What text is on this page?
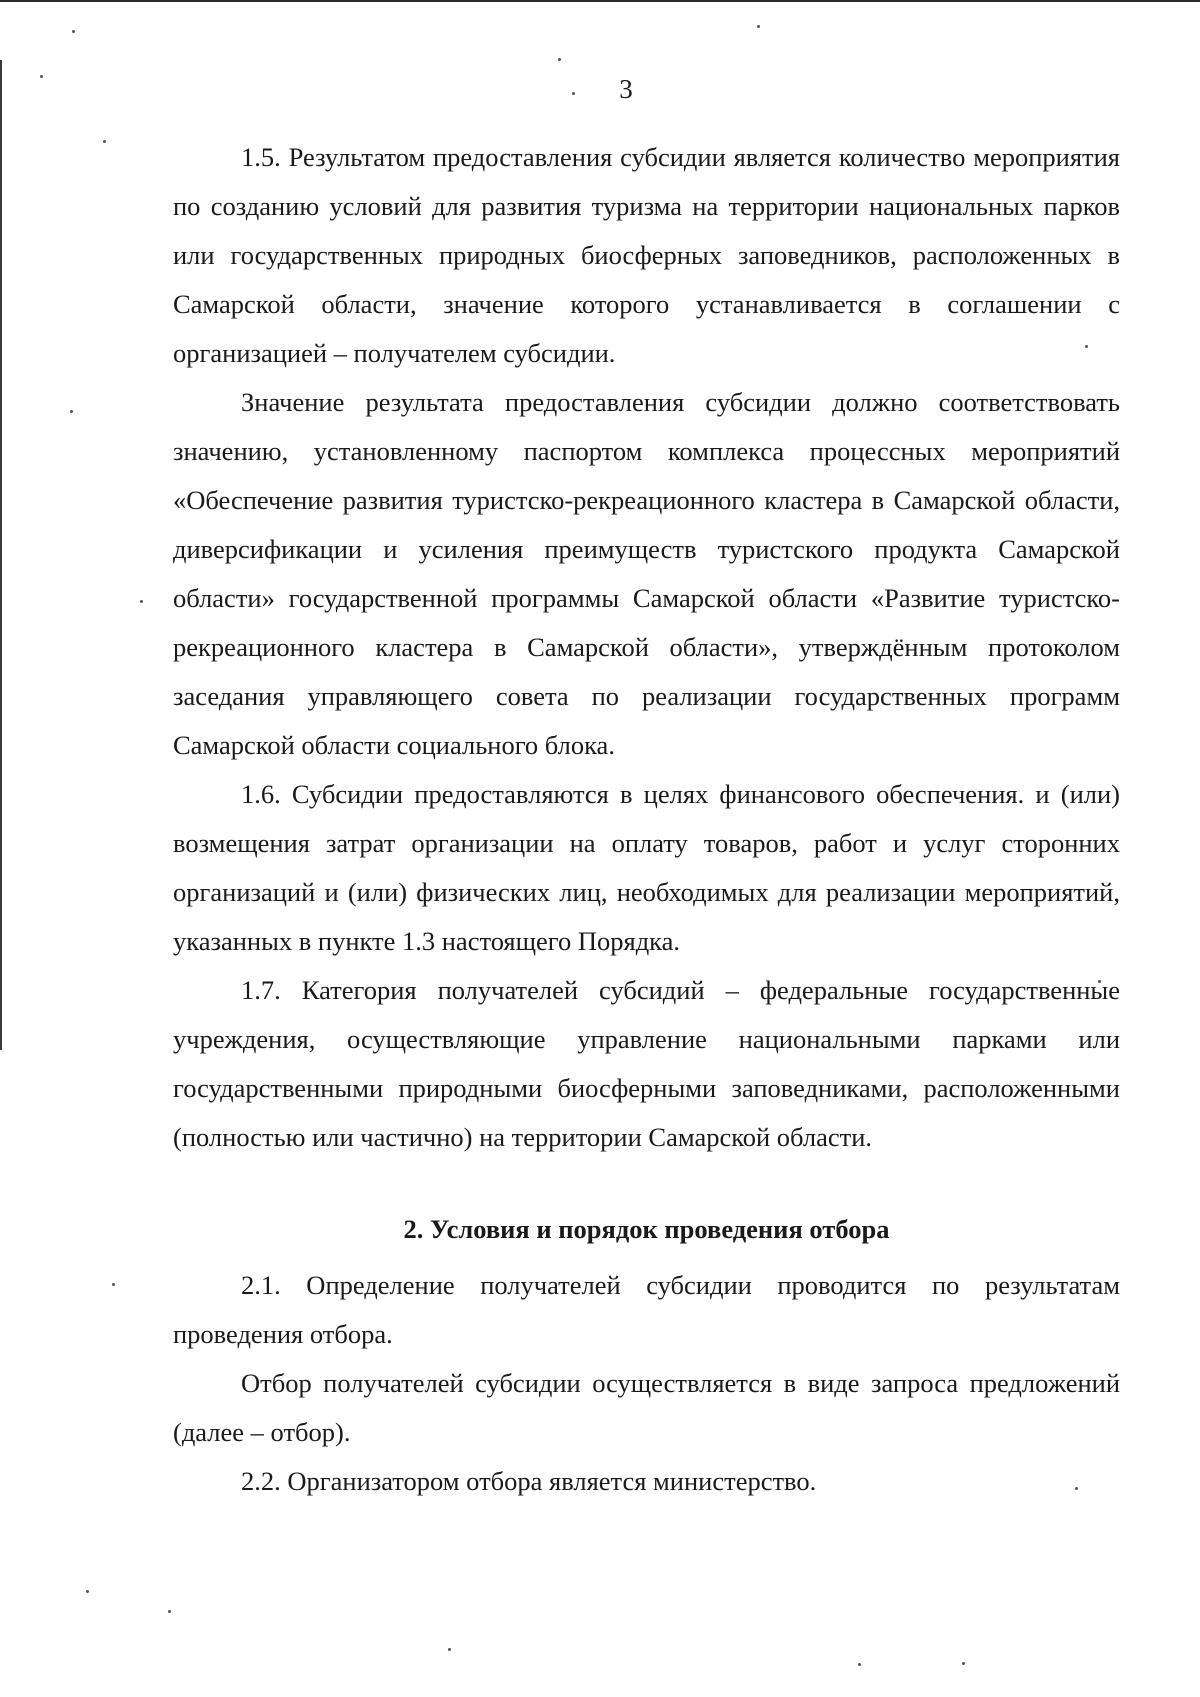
3

1.5. Результатом предоставления субсидии является количество мероприятия по созданию условий для развития туризма на территории национальных парков или государственных природных биосферных заповедников, расположенных в Самарской области, значение которого устанавливается в соглашении с организацией – получателем субсидии.

Значение результата предоставления субсидии должно соответствовать значению, установленному паспортом комплекса процессных мероприятий «Обеспечение развития туристско-рекреационного кластера в Самарской области, диверсификации и усиления преимуществ туристского продукта Самарской области» государственной программы Самарской области «Развитие туристско-рекреационного кластера в Самарской области», утверждённым протоколом заседания управляющего совета по реализации государственных программ Самарской области социального блока.

1.6. Субсидии предоставляются в целях финансового обеспечения. и (или) возмещения затрат организации на оплату товаров, работ и услуг сторонних организаций и (или) физических лиц, необходимых для реализации мероприятий, указанных в пункте 1.3 настоящего Порядка.

1.7. Категория получателей субсидий – федеральные государственные учреждения, осуществляющие управление национальными парками или государственными природными биосферными заповедниками, расположенными (полностью или частично) на территории Самарской области.

2. Условия и порядок проведения отбора

2.1. Определение получателей субсидии проводится по результатам проведения отбора.

Отбор получателей субсидии осуществляется в виде запроса предложений (далее – отбор).

2.2. Организатором отбора является министерство.
